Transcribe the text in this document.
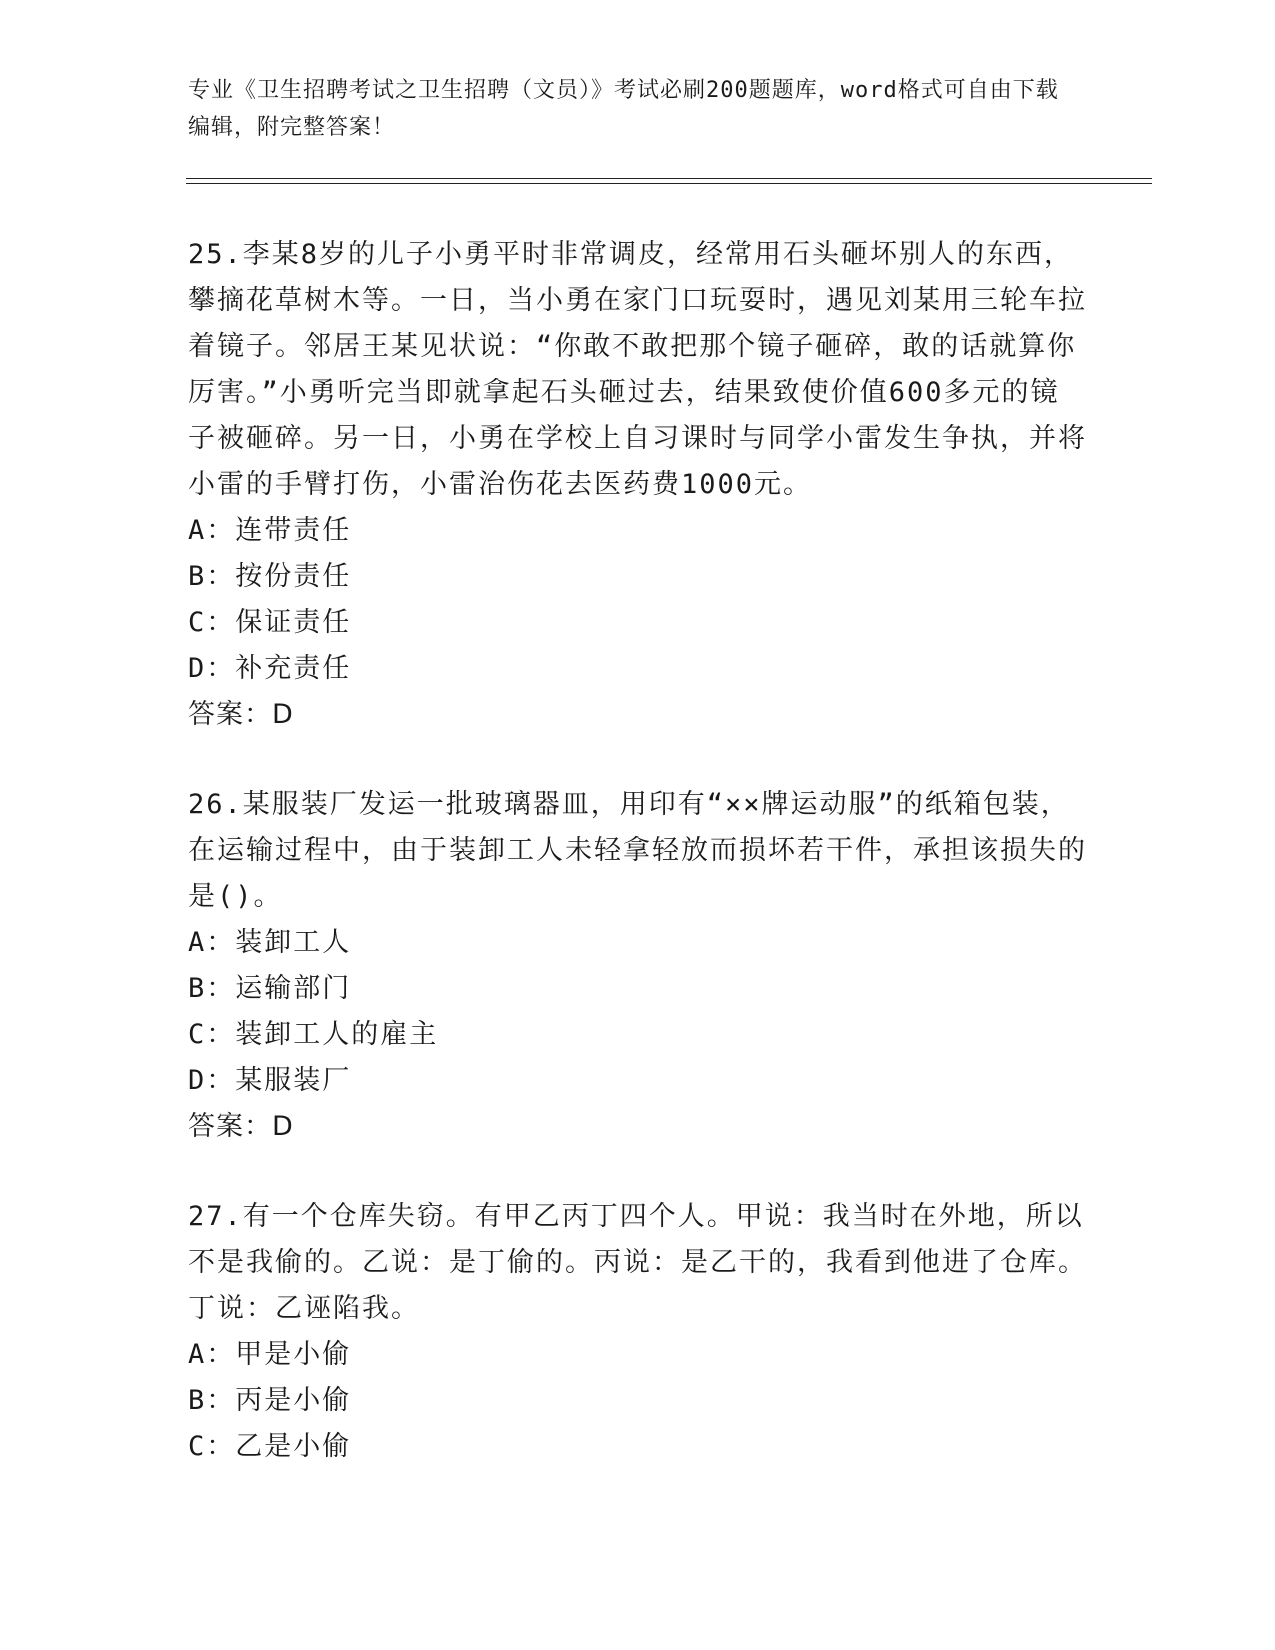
专业《卫生招聘考试之卫生招聘（文员）》考试必刷200题题库，word格式可自由下载编辑，附完整答案！

25.李某8岁的儿子小勇平时非常调皮，经常用石头砸坏别人的东西，攀摘花草树木等。一日，当小勇在家门口玩耍时，遇见刘某用三轮车拉着镜子。邻居王某见状说：“你敢不敢把那个镜子砸碎，敢的话就算你厉害。”小勇听完当即就拿起石头砸过去，结果致使价值600多元的镜子被砸碎。另一日，小勇在学校上自习课时与同学小雷发生争执，并将小雷的手臂打伤，小雷治伤花去医药费1000元。

A：连带责任

B：按份责任

C：保证责任

D：补充责任

答案：D

26.某服装厂发运一批玻璃器皿，用印有“××牌运动服”的纸箱包装，在运输过程中，由于装卸工人未轻拿轻放而损坏若干件，承担该损失的是()。

A：装卸工人

B：运输部门

C：装卸工人的雇主

D：某服装厂

答案：D

27.有一个仓库失窃。有甲乙丙丁四个人。甲说：我当时在外地，所以不是我偷的。乙说：是丁偷的。丙说：是乙干的，我看到他进了仓库。丁说：乙诬陷我。

A：甲是小偷

B：丙是小偷

C：乙是小偷
